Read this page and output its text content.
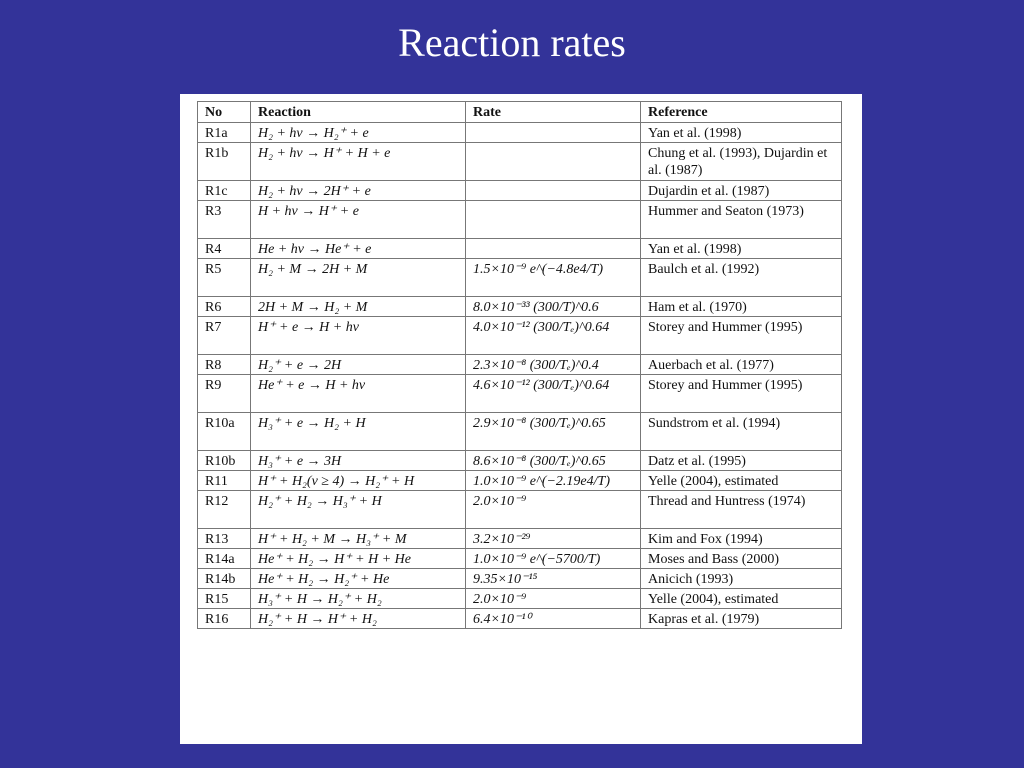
Reaction rates
No	Reaction	Rate	Reference
R1a	H₂ + hν → H₂⁺ + e		Yan et al. (1998)
R1b	H₂ + hν → H⁺ + H + e		Chung et al. (1993), Dujardin et al. (1987)
R1c	H₂ + hν → 2H⁺ + e		Dujardin et al. (1987)
R3	H + hν → H⁺ + e		Hummer and Seaton (1973)
R4	He + hν → He⁺ + e		Yan et al. (1998)
R5	H₂ + M → 2H + M	1.5×10⁻⁹ e^(−4.8e4/T)	Baulch et al. (1992)
R6	2H + M → H₂ + M	8.0×10⁻³³ (300/T)^0.6	Ham et al. (1970)
R7	H⁺ + e → H + hν	4.0×10⁻¹² (300/Tₑ)^0.64	Storey and Hummer (1995)
R8	H₂⁺ + e → 2H	2.3×10⁻⁸ (300/Tₑ)^0.4	Auerbach et al. (1977)
R9	He⁺ + e → H + hν	4.6×10⁻¹² (300/Tₑ)^0.64	Storey and Hummer (1995)
R10a	H₃⁺ + e → H₂ + H	2.9×10⁻⁸ (300/Tₑ)^0.65	Sundstrom et al. (1994)
R10b	H₃⁺ + e → 3H	8.6×10⁻⁸ (300/Tₑ)^0.65	Datz et al. (1995)
R11	H⁺ + H₂(v ≥ 4) → H₂⁺ + H	1.0×10⁻⁹ e^(−2.19e4/T)	Yelle (2004), estimated
R12	H₂⁺ + H₂ → H₃⁺ + H	2.0×10⁻⁹	Thread and Huntress (1974)
R13	H⁺ + H₂ + M → H₃⁺ + M	3.2×10⁻²⁹	Kim and Fox (1994)
R14a	He⁺ + H₂ → H⁺ + H + He	1.0×10⁻⁹ e^(−5700/T)	Moses and Bass (2000)
R14b	He⁺ + H₂ → H₂⁺ + He	9.35×10⁻¹⁵	Anicich (1993)
R15	H₃⁺ + H → H₂⁺ + H₂	2.0×10⁻⁹	Yelle (2004), estimated
R16	H₂⁺ + H → H⁺ + H₂	6.4×10⁻¹⁰	Kapras et al. (1979)
